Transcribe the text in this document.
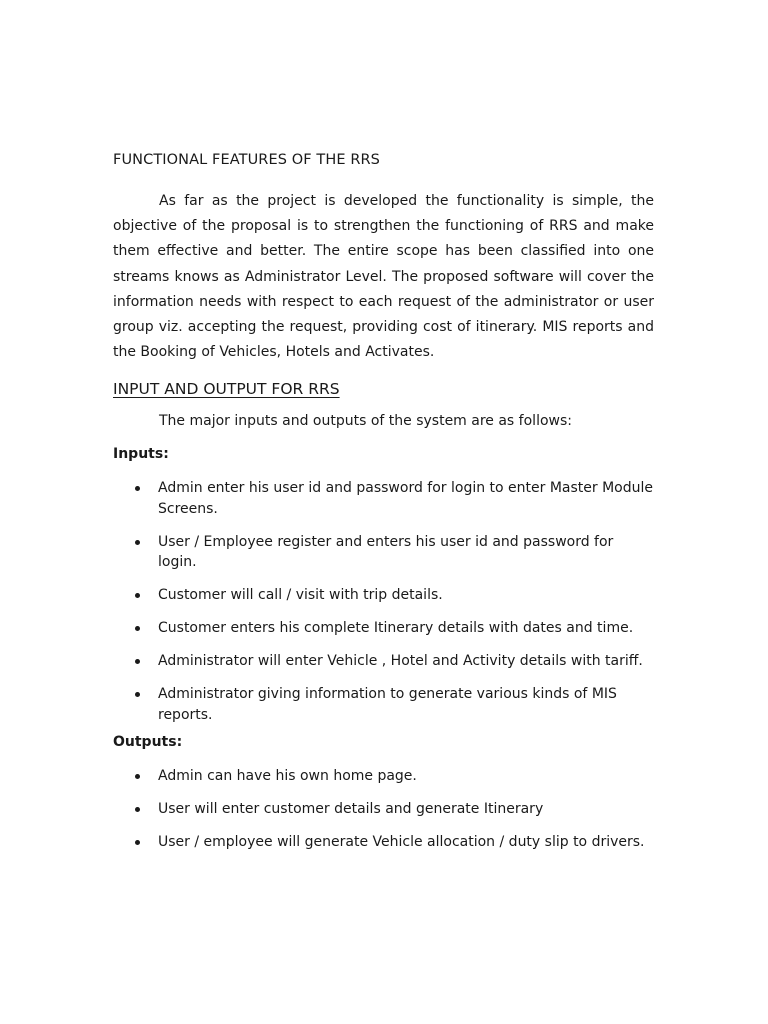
FUNCTIONAL FEATURES OF THE RRS

As far as the project is developed the functionality is simple, the objective of the proposal is to strengthen the functioning of RRS and make them effective and better. The entire scope has been classified into one streams knows as Administrator Level. The proposed software will cover the information needs with respect to each request of the administrator or user group viz. accepting the request, providing cost of itinerary. MIS reports and the Booking of Vehicles, Hotels and Activates.

INPUT AND OUTPUT FOR RRS

The major inputs and outputs of the system are as follows:

Inputs:

Admin enter his user id and password for login to enter Master Module Screens.
User / Employee register and enters his user id and password for login.
Customer will call / visit with trip details.
Customer enters his complete Itinerary details with dates and time.
Administrator will enter Vehicle , Hotel and Activity details with tariff.
Administrator giving information to generate various kinds of MIS reports.

Outputs:

Admin can have his own home page.
User will enter customer details and generate Itinerary
User / employee will generate Vehicle allocation / duty slip to drivers.
